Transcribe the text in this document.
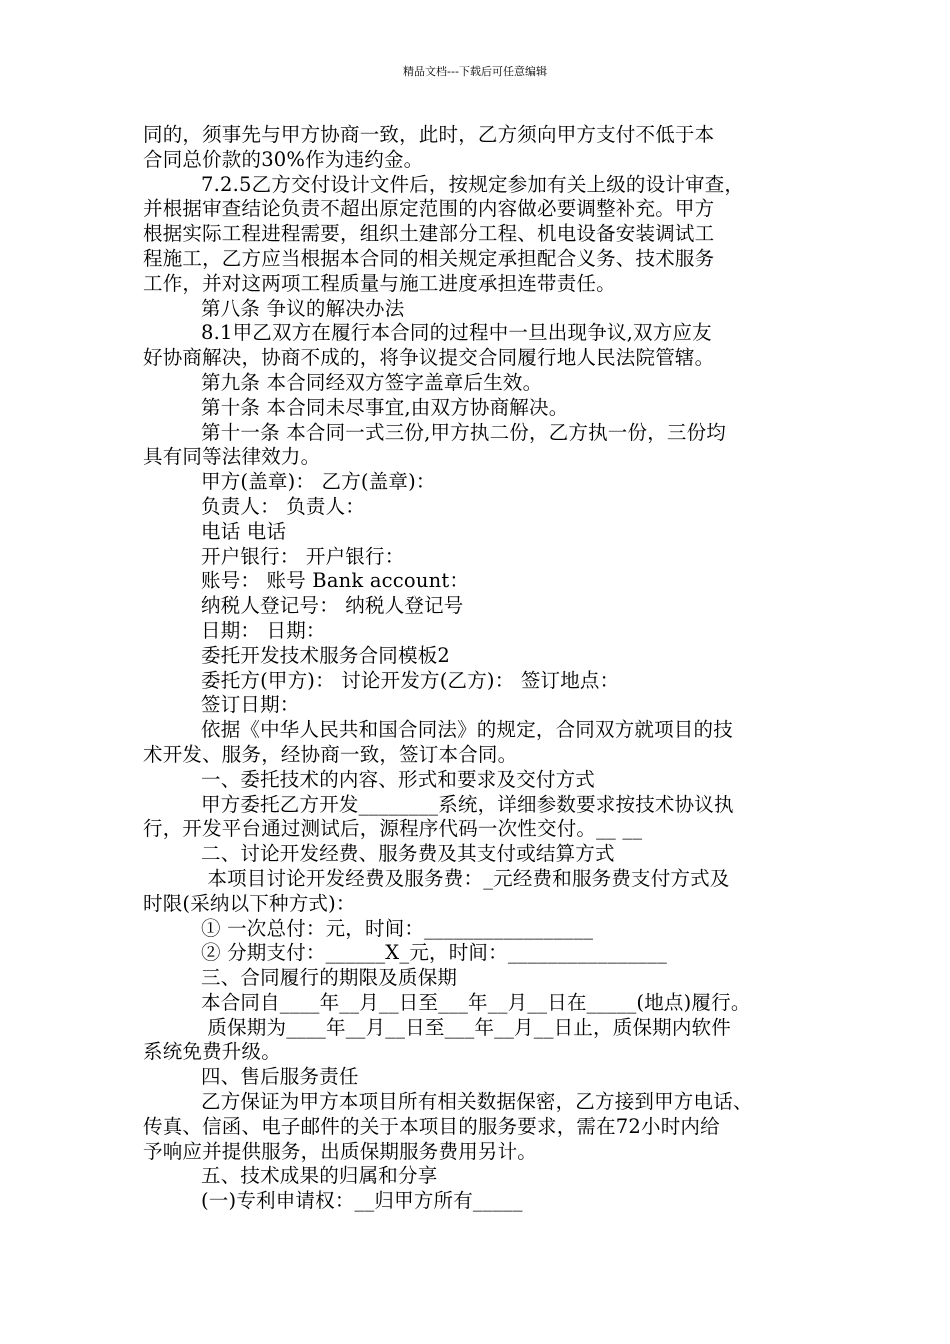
精品文档---下载后可任意编辑
同的，须事先与甲方协商一致，此时，乙方须向甲方支付不低于本
合同总价款的30%作为违约金。
7.2.5乙方交付设计文件后，按规定参加有关上级的设计审查，
并根据审查结论负责不超出原定范围的内容做必要调整补充。甲方
根据实际工程进程需要，组织土建部分工程、机电设备安装调试工
程施工，乙方应当根据本合同的相关规定承担配合义务、技术服务
工作，并对这两项工程质量与施工进度承担连带责任。
第八条 争议的解决办法
8.1甲乙双方在履行本合同的过程中一旦出现争议,双方应友
好协商解决，协商不成的，将争议提交合同履行地人民法院管辖。
第九条 本合同经双方签字盖章后生效。
第十条 本合同未尽事宜,由双方协商解决。
第十一条 本合同一式三份,甲方执二份，乙方执一份，三份均
具有同等法律效力。
甲方(盖章)： 乙方(盖章)：
负责人： 负责人：
电话 电话
开户银行： 开户银行：
账号： 账号 Bank account：
纳税人登记号： 纳税人登记号
日期： 日期：
委托开发技术服务合同模板2
委托方(甲方)： 讨论开发方(乙方)： 签订地点：
签订日期：
依据《中华人民共和国合同法》的规定，合同双方就项目的技
术开发、服务，经协商一致，签订本合同。
一、委托技术的内容、形式和要求及交付方式
甲方委托乙方开发________系统，详细参数要求按技术协议执
行，开发平台通过测试后，源程序代码一次性交付。__ __
二、讨论开发经费、服务费及其支付或结算方式
本项目讨论开发经费及服务费：_元经费和服务费支付方式及
时限(采纳以下种方式)：
① 一次总付：元，时间：_________________
② 分期支付：______X_元，时间：________________
三、合同履行的期限及质保期
本合同自____年__月__日至___年__月__日在_____(地点)履行。
质保期为____年__月__日至___年__月__日止，质保期内软件
系统免费升级。
四、售后服务责任
乙方保证为甲方本项目所有相关数据保密，乙方接到甲方电话、
传真、信函、电子邮件的关于本项目的服务要求，需在72小时内给
予响应并提供服务，出质保期服务费用另计。
五、技术成果的归属和分享
(一)专利申请权：__归甲方所有_____
